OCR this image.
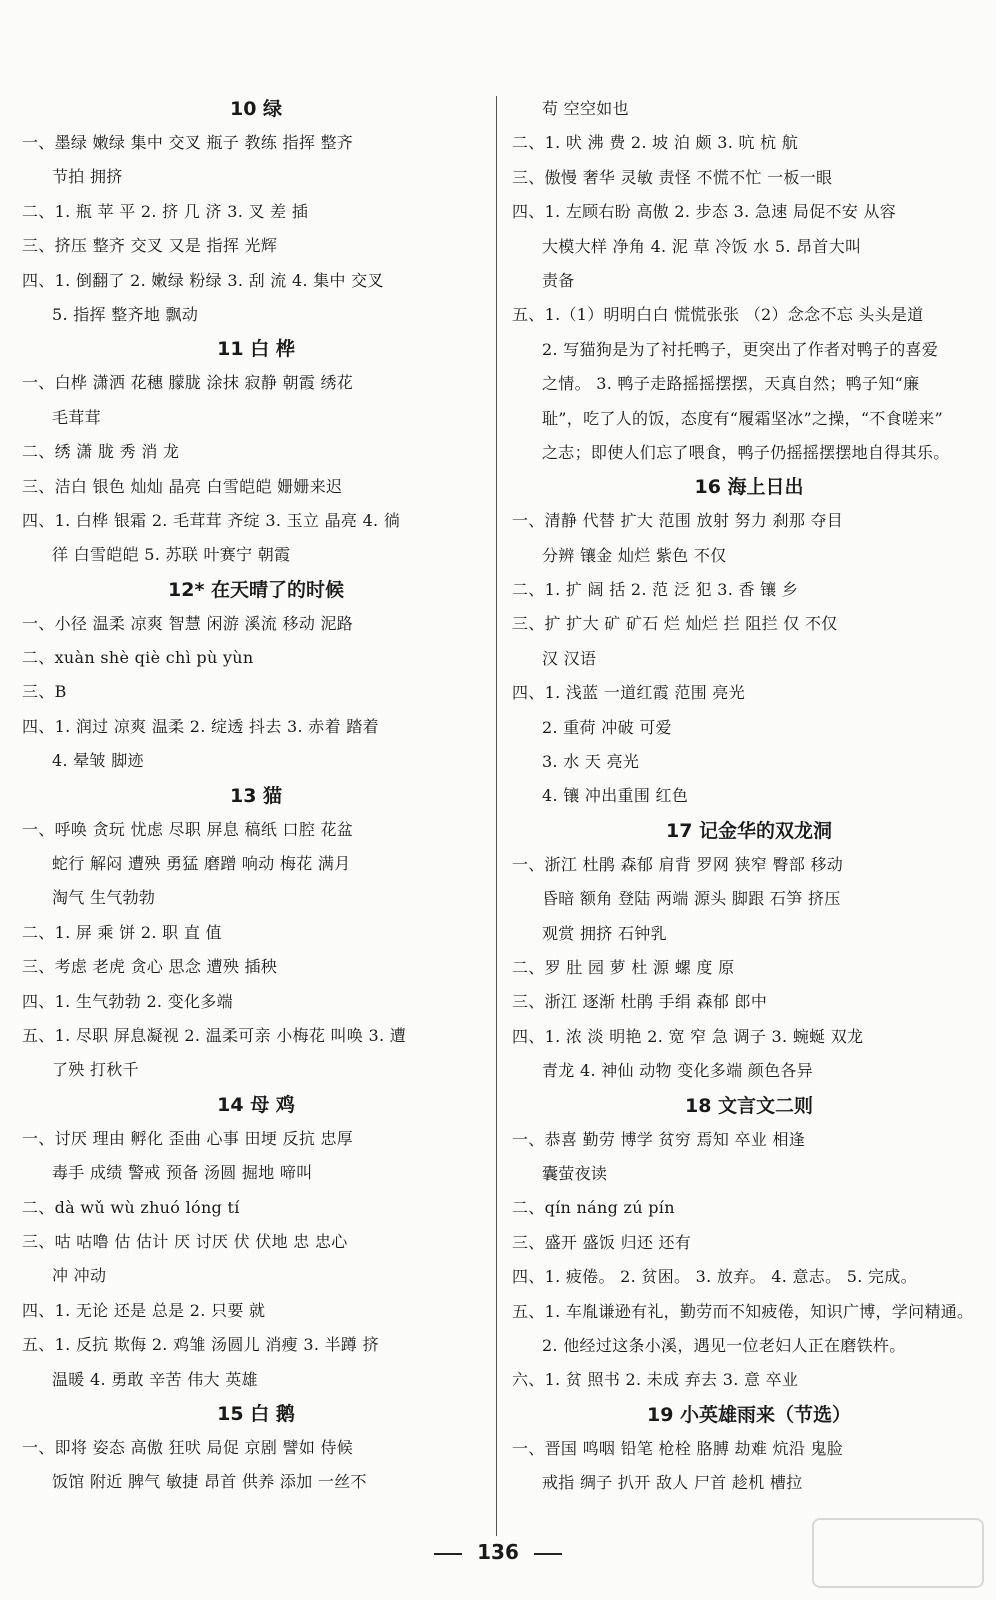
10 绿
一、墨绿 嫩绿 集中 交叉 瓶子 教练 指挥 整齐
节拍 拥挤
二、1. 瓶 苹 平 2. 挤 几 济 3. 叉 差 插
三、挤压 整齐 交叉 又是 指挥 光辉
四、1. 倒翻了 2. 嫩绿 粉绿 3. 刮 流 4. 集中 交叉
5. 指挥 整齐地 飘动
11 白 桦
一、白桦 潇洒 花穗 朦胧 涂抹 寂静 朝霞 绣花
毛茸茸
二、绣 潇 胧 秀 消 龙
三、洁白 银色 灿灿 晶亮 白雪皑皑 姗姗来迟
四、1. 白桦 银霜 2. 毛茸茸 齐绽 3. 玉立 晶亮 4. 徜
徉 白雪皑皑 5. 苏联 叶赛宁 朝霞
12* 在天晴了的时候
一、小径 温柔 凉爽 智慧 闲游 溪流 移动 泥路
二、xuàn shè qiè chì pù yùn
三、B
四、1. 润过 凉爽 温柔 2. 绽透 抖去 3. 赤着 踏着
4. 晕皱 脚迹
13 猫
一、呼唤 贪玩 忧虑 尽职 屏息 稿纸 口腔 花盆
蛇行 解闷 遭殃 勇猛 磨蹭 响动 梅花 满月
淘气 生气勃勃
二、1. 屏 乘 饼 2. 职 直 值
三、考虑 老虎 贪心 思念 遭殃 插秧
四、1. 生气勃勃 2. 变化多端
五、1. 尽职 屏息凝视 2. 温柔可亲 小梅花 叫唤 3. 遭
了殃 打秋千
14 母 鸡
一、讨厌 理由 孵化 歪曲 心事 田埂 反抗 忠厚
毒手 成绩 警戒 预备 汤圆 掘地 啼叫
二、dà wǔ wù zhuó lóng tí
三、咕 咕噜 估 估计 厌 讨厌 伏 伏地 忠 忠心
冲 冲动
四、1. 无论 还是 总是 2. 只要 就
五、1. 反抗 欺侮 2. 鸡雏 汤圆儿 消瘦 3. 半蹲 挤
温暖 4. 勇敢 辛苦 伟大 英雄
15 白 鹅
一、即将 姿态 高傲 狂吠 局促 京剧 譬如 侍候
饭馆 附近 脾气 敏捷 昂首 供养 添加 一丝不
苟 空空如也
二、1. 吠 沸 费 2. 坡 泊 颇 3. 吭 杭 航
三、傲慢 奢华 灵敏 责怪 不慌不忙 一板一眼
四、1. 左顾右盼 高傲 2. 步态 3. 急速 局促不安 从容
大模大样 净角 4. 泥 草 冷饭 水 5. 昂首大叫
责备
五、1.（1）明明白白 慌慌张张 （2）念念不忘 头头是道
2. 写猫狗是为了衬托鸭子，更突出了作者对鸭子的喜爱
之情。 3. 鸭子走路摇摇摆摆，天真自然；鸭子知“廉
耻”，吃了人的饭，态度有“履霜坚冰”之操，“不食嗟来”
之志；即使人们忘了喂食，鸭子仍摇摇摆摆地自得其乐。
16 海上日出
一、清静 代替 扩大 范围 放射 努力 刹那 夺目
分辨 镶金 灿烂 紫色 不仅
二、1. 扩 阔 括 2. 范 泛 犯 3. 香 镶 乡
三、扩 扩大 矿 矿石 烂 灿烂 拦 阻拦 仅 不仅
汉 汉语
四、1. 浅蓝 一道红霞 范围 亮光
2. 重荷 冲破 可爱
3. 水 天 亮光
4. 镶 冲出重围 红色
17 记金华的双龙洞
一、浙江 杜鹃 森郁 肩背 罗网 狭窄 臀部 移动
昏暗 额角 登陆 两端 源头 脚跟 石笋 挤压
观赏 拥挤 石钟乳
二、罗 肚 园 萝 杜 源 螺 度 原
三、浙江 逐渐 杜鹃 手绢 森郁 郎中
四、1. 浓 淡 明艳 2. 宽 窄 急 调子 3. 蜿蜒 双龙
青龙 4. 神仙 动物 变化多端 颜色各异
18 文言文二则
一、恭喜 勤劳 博学 贫穷 焉知 卒业 相逢
囊萤夜读
二、qín náng zú pín
三、盛开 盛饭 归还 还有
四、1. 疲倦。 2. 贫困。 3. 放弃。 4. 意志。 5. 完成。
五、1. 车胤谦逊有礼，勤劳而不知疲倦，知识广博，学问精通。
2. 他经过这条小溪，遇见一位老妇人正在磨铁杵。
六、1. 贫 照书 2. 未成 弃去 3. 意 卒业
19 小英雄雨来（节选）
一、晋国 鸣咽 铅笔 枪栓 胳膊 劫难 炕沿 鬼脸
戒指 绸子 扒开 敌人 尸首 趁机 槽拉
136
